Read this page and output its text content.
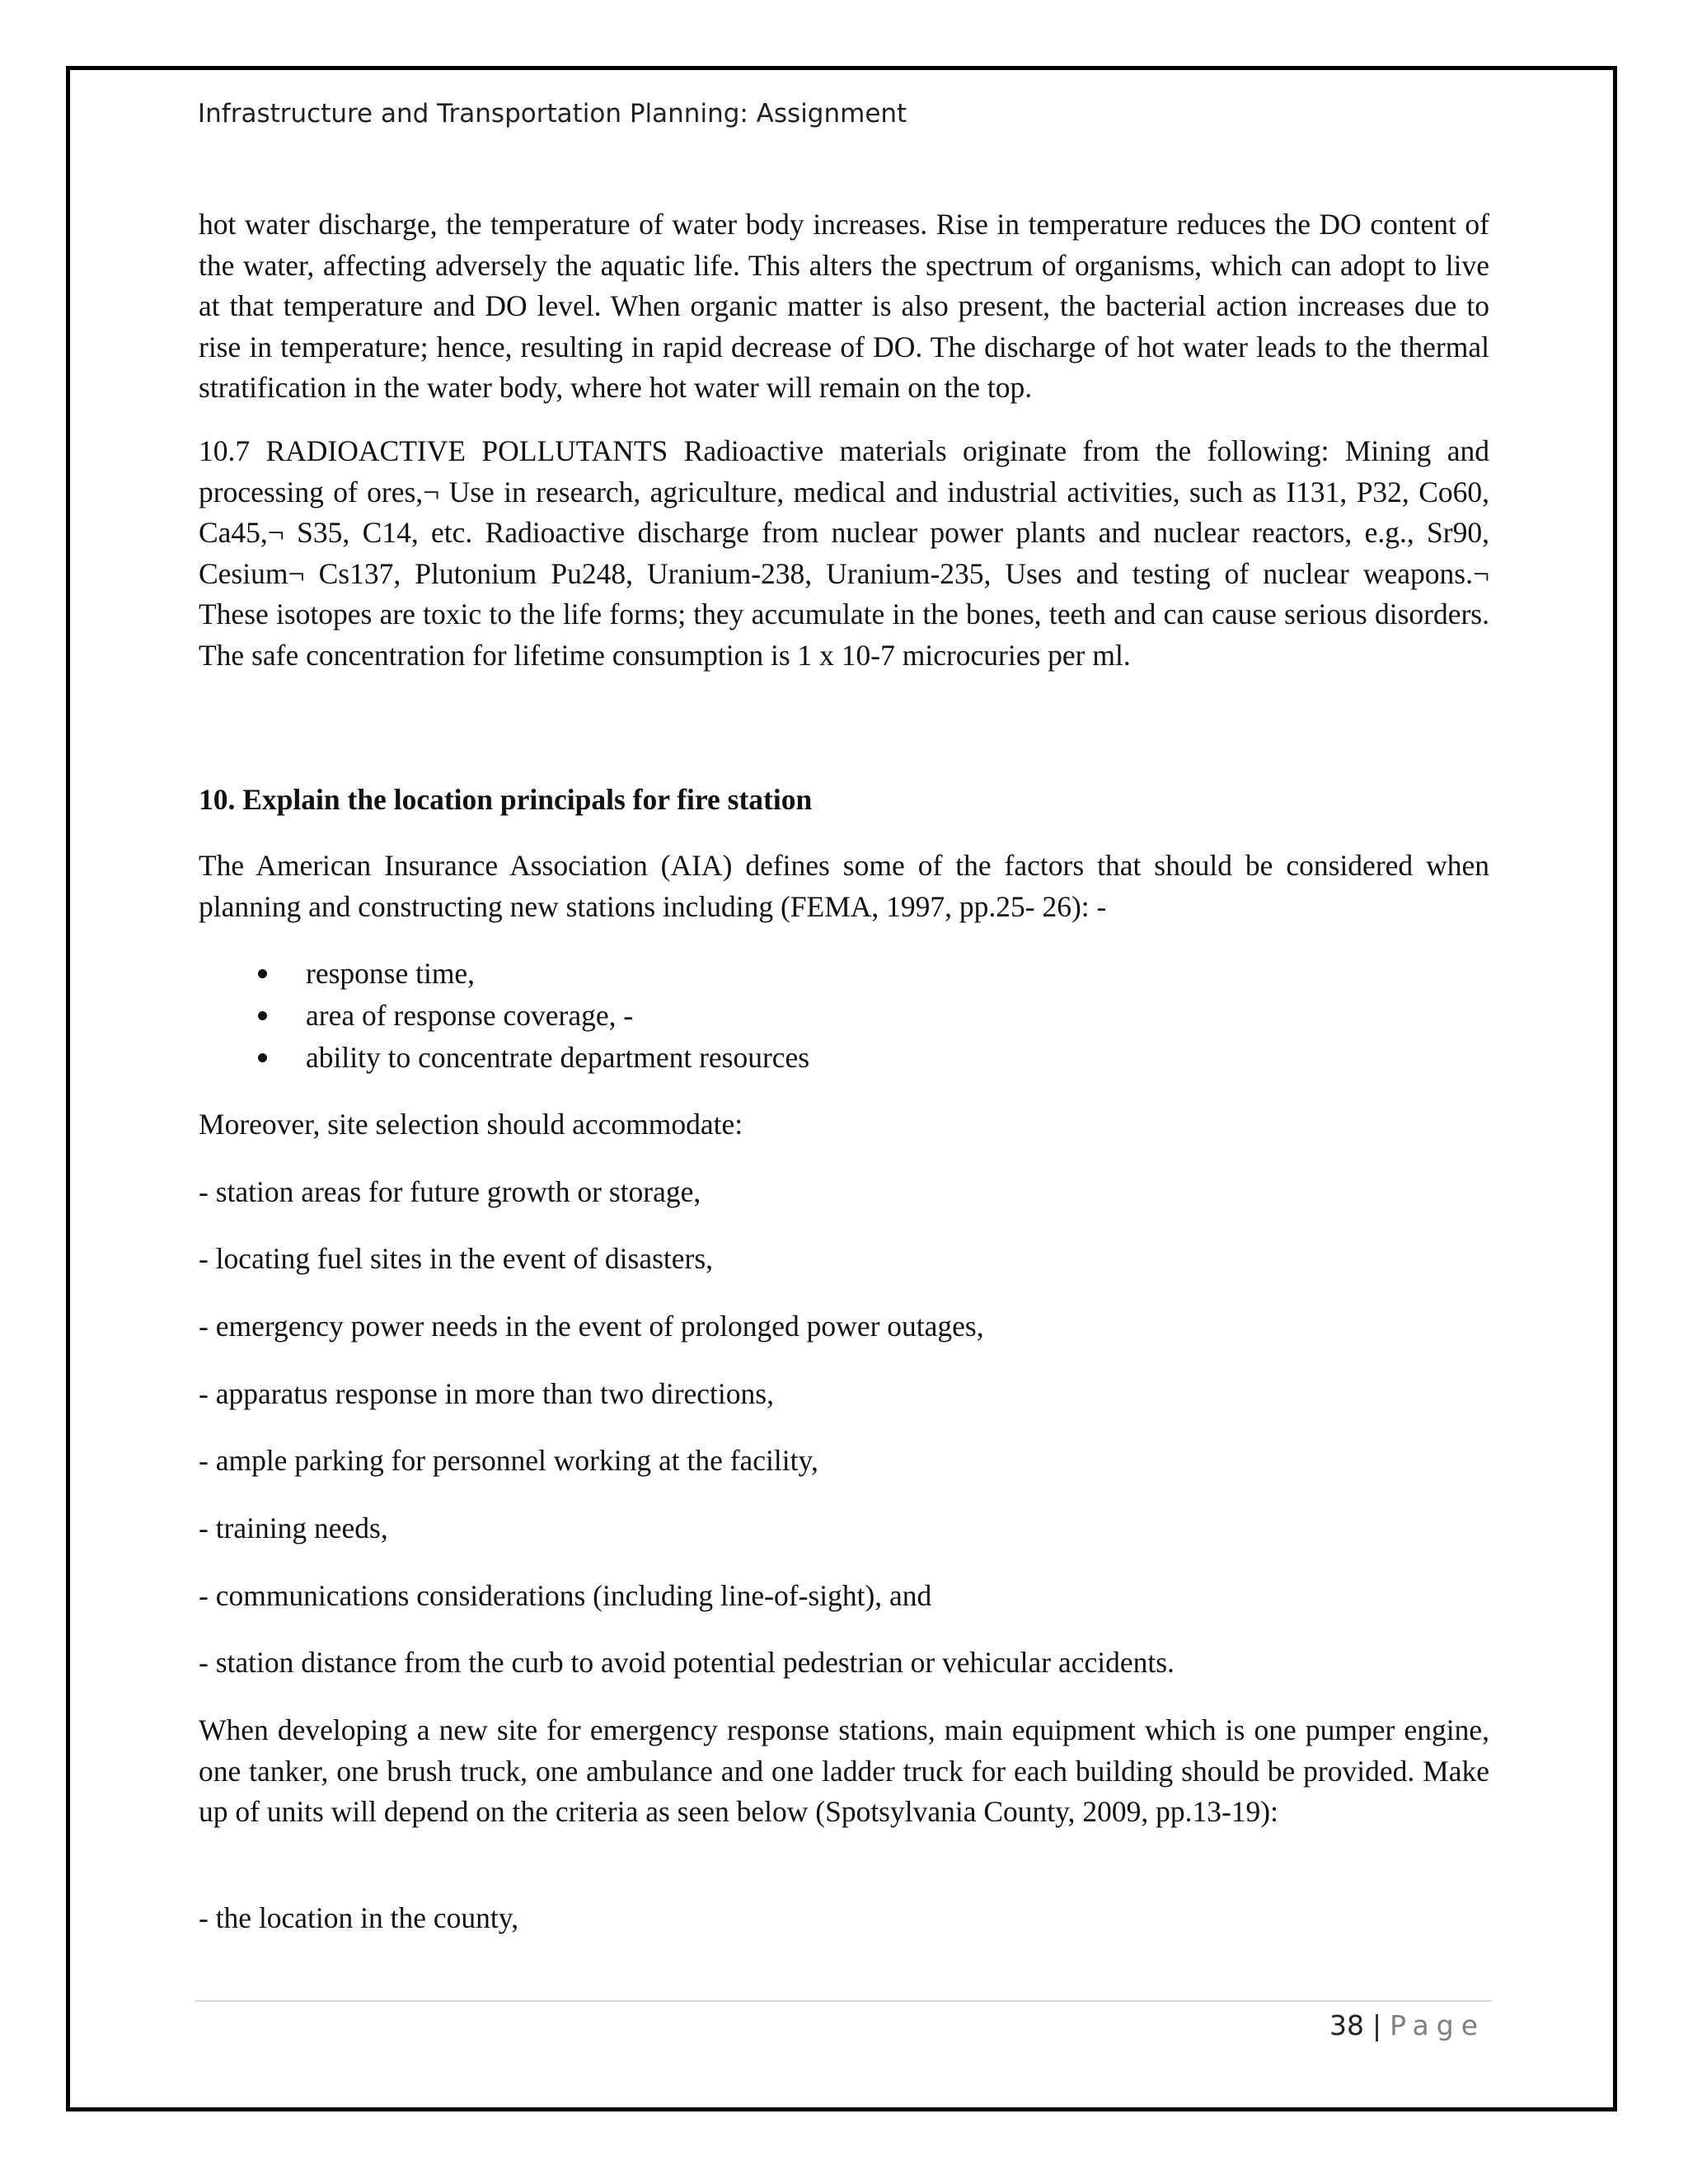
Infrastructure and Transportation Planning: Assignment

hot water discharge, the temperature of water body increases. Rise in temperature reduces the DO content of the water, affecting adversely the aquatic life. This alters the spectrum of organisms, which can adopt to live at that temperature and DO level. When organic matter is also present, the bacterial action increases due to rise in temperature; hence, resulting in rapid decrease of DO. The discharge of hot water leads to the thermal stratification in the water body, where hot water will remain on the top.

10.7 RADIOACTIVE POLLUTANTS Radioactive materials originate from the following: Mining and processing of ores,¬ Use in research, agriculture, medical and industrial activities, such as I131, P32, Co60, Ca45,¬ S35, C14, etc. Radioactive discharge from nuclear power plants and nuclear reactors, e.g., Sr90, Cesium¬ Cs137, Plutonium Pu248, Uranium-238, Uranium-235, Uses and testing of nuclear weapons.¬ These isotopes are toxic to the life forms; they accumulate in the bones, teeth and can cause serious disorders. The safe concentration for lifetime consumption is 1 x 10-7 microcuries per ml.

10. Explain the location principals for fire station

The American Insurance Association (AIA) defines some of the factors that should be considered when planning and constructing new stations including (FEMA, 1997, pp.25- 26): -

response time,
area of response coverage, -
ability to concentrate department resources

Moreover, site selection should accommodate:

- station areas for future growth or storage,

- locating fuel sites in the event of disasters,

- emergency power needs in the event of prolonged power outages,

- apparatus response in more than two directions,

- ample parking for personnel working at the facility,

- training needs,

- communications considerations (including line-of-sight), and

- station distance from the curb to avoid potential pedestrian or vehicular accidents.

When developing a new site for emergency response stations, main equipment which is one pumper engine, one tanker, one brush truck, one ambulance and one ladder truck for each building should be provided. Make up of units will depend on the criteria as seen below (Spotsylvania County, 2009, pp.13-19):

- the location in the county,

38 | Page
